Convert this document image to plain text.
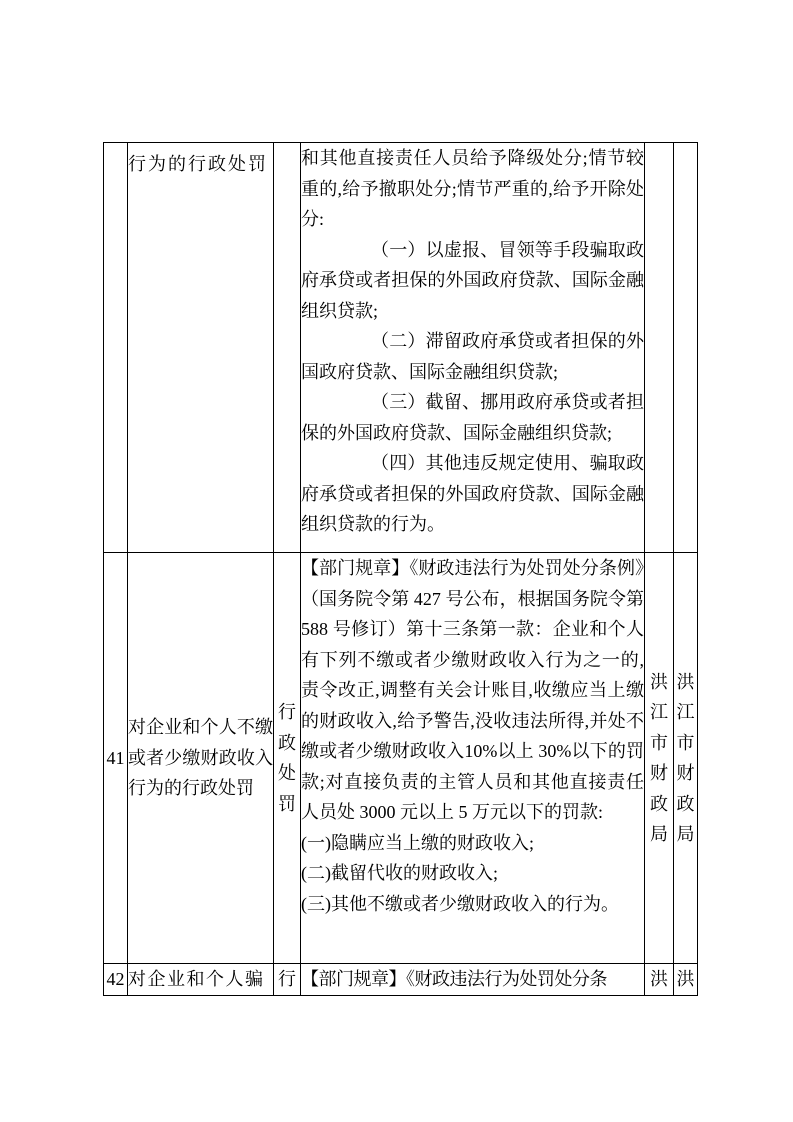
	行为的行政处罚		和其他直接责任人员给予降级处分;情节较重的,给予撤职处分;情节严重的,给予开除处分:

（一）以虚报、冒领等手段骗取政府承贷或者担保的外国政府贷款、国际金融组织贷款;

（二）滞留政府承贷或者担保的外国政府贷款、国际金融组织贷款;

（三）截留、挪用政府承贷或者担保的外国政府贷款、国际金融组织贷款;

（四）其他违反规定使用、骗取政府承贷或者担保的外国政府贷款、国际金融组织贷款的行为。		

41	对企业和个人不缴或者少缴财政收入行为的行政处罚	行政处罚	【部门规章】《财政违法行为处罚处分条例》（国务院令第 427 号公布，根据国务院令第 588 号修订）第十三条第一款：企业和个人有下列不缴或者少缴财政收入行为之一的,责令改正,调整有关会计账目,收缴应当上缴的财政收入,给予警告,没收违法所得,并处不缴或者少缴财政收入10%以上 30%以下的罚款;对直接负责的主管人员和其他直接责任人员处 3000 元以上 5 万元以下的罚款:

(一)隐瞒应当上缴的财政收入;

(二)截留代收的财政收入;

(三)其他不缴或者少缴财政收入的行为。	洪江市财政局	洪江市财政局
42	对企业和个人骗	行	【部门规章】《财政违法行为处罚处分条	洪	洪
